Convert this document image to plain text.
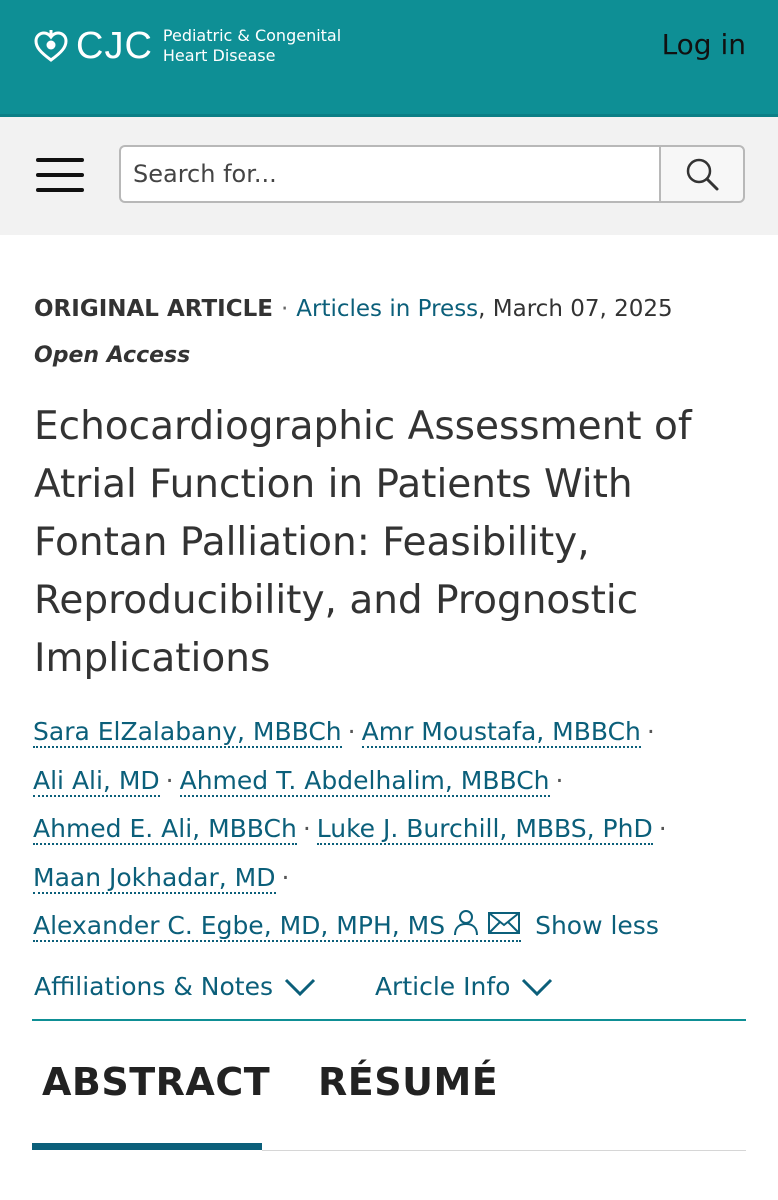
CJC Pediatric & Congenital
Heart Disease	Log in
Search for...
ORIGINAL ARTICLE · Articles in Press, March 07, 2025
Open Access
Echocardiographic Assessment of Atrial Function in Patients With Fontan Palliation: Feasibility, Reproducibility, and Prognostic Implications
Sara ElZalabany, MBBCh · Amr Moustafa, MBBCh ·
Ali Ali, MD · Ahmed T. Abdelhalim, MBBCh ·
Ahmed E. Ali, MBBCh · Luke J. Burchill, MBBS, PhD ·
Maan Jokhadar, MD ·
Alexander C. Egbe, MD, MPH, MS	Show less
Affiliations & Notes
	Article Info
ABSTRACT RÉSUMÉ
